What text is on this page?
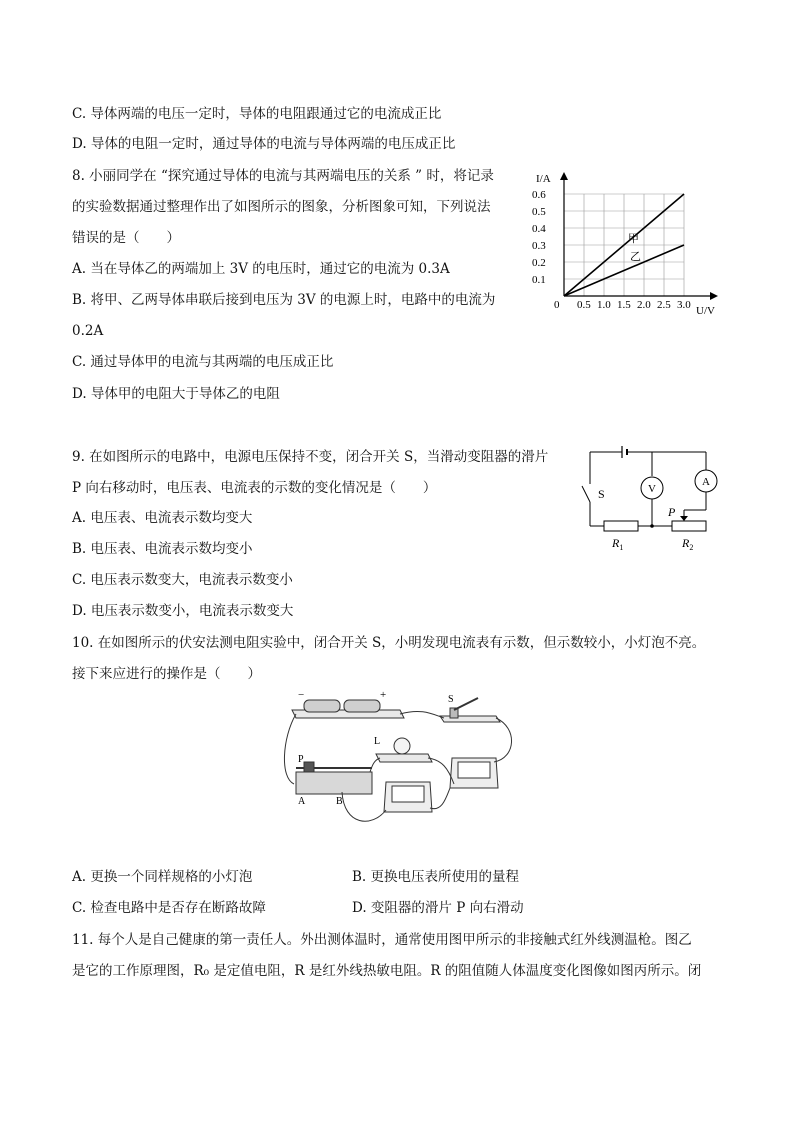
C. 导体两端的电压一定时，导体的电阻跟通过它的电流成正比
D. 导体的电阻一定时，通过导体的电流与导体两端的电压成正比
8. 小丽同学在 “探究通过导体的电流与其两端电压的关系 ” 时，将记录
的实验数据通过整理作出了如图所示的图象，分析图象可知，下列说法
错误的是（　　）
A. 当在导体乙的两端加上 3V 的电压时，通过它的电流为 0.3A
B. 将甲、乙两导体串联后接到电压为 3V 的电源上时，电路中的电流为
0.2A
C. 通过导体甲的电流与其两端的电压成正比
D. 导体甲的电阻大于导体乙的电阻
0.5 1.0 1.5 2.0 2.5 3.0
0.1
0.2
0.3
0.4
0.5
0.6
I/A
U/V
0
甲
乙
9. 在如图所示的电路中，电源电压保持不变，闭合开关 S，当滑动变阻器的滑片
P 向右移动时，电压表、电流表的示数的变化情况是（　　）
A. 电压表、电流表示数均变大
B. 电压表、电流表示数均变小
C. 电压表示数变大，电流表示数变小
D. 电压表示数变小，电流表示数变大
V
A
S
P
$R_1$	$R_2$
10. 在如图所示的伏安法测电阻实验中，闭合开关 S，小明发现电流表有示数，但示数较小，小灯泡不亮。
接下来应进行的操作是（　　）
−	+	S
L
P
A	B
A. 更换一个同样规格的小灯泡	B. 更换电压表所使用的量程
C. 检查电路中是否存在断路故障	D. 变阻器的滑片 P 向右滑动
11. 每个人是自己健康的第一责任人。外出测体温时，通常使用图甲所示的非接触式红外线测温枪。图乙
是它的工作原理图，R₀ 是定值电阻，R 是红外线热敏电阻。R 的阻值随人体温度变化图像如图丙所示。闭
